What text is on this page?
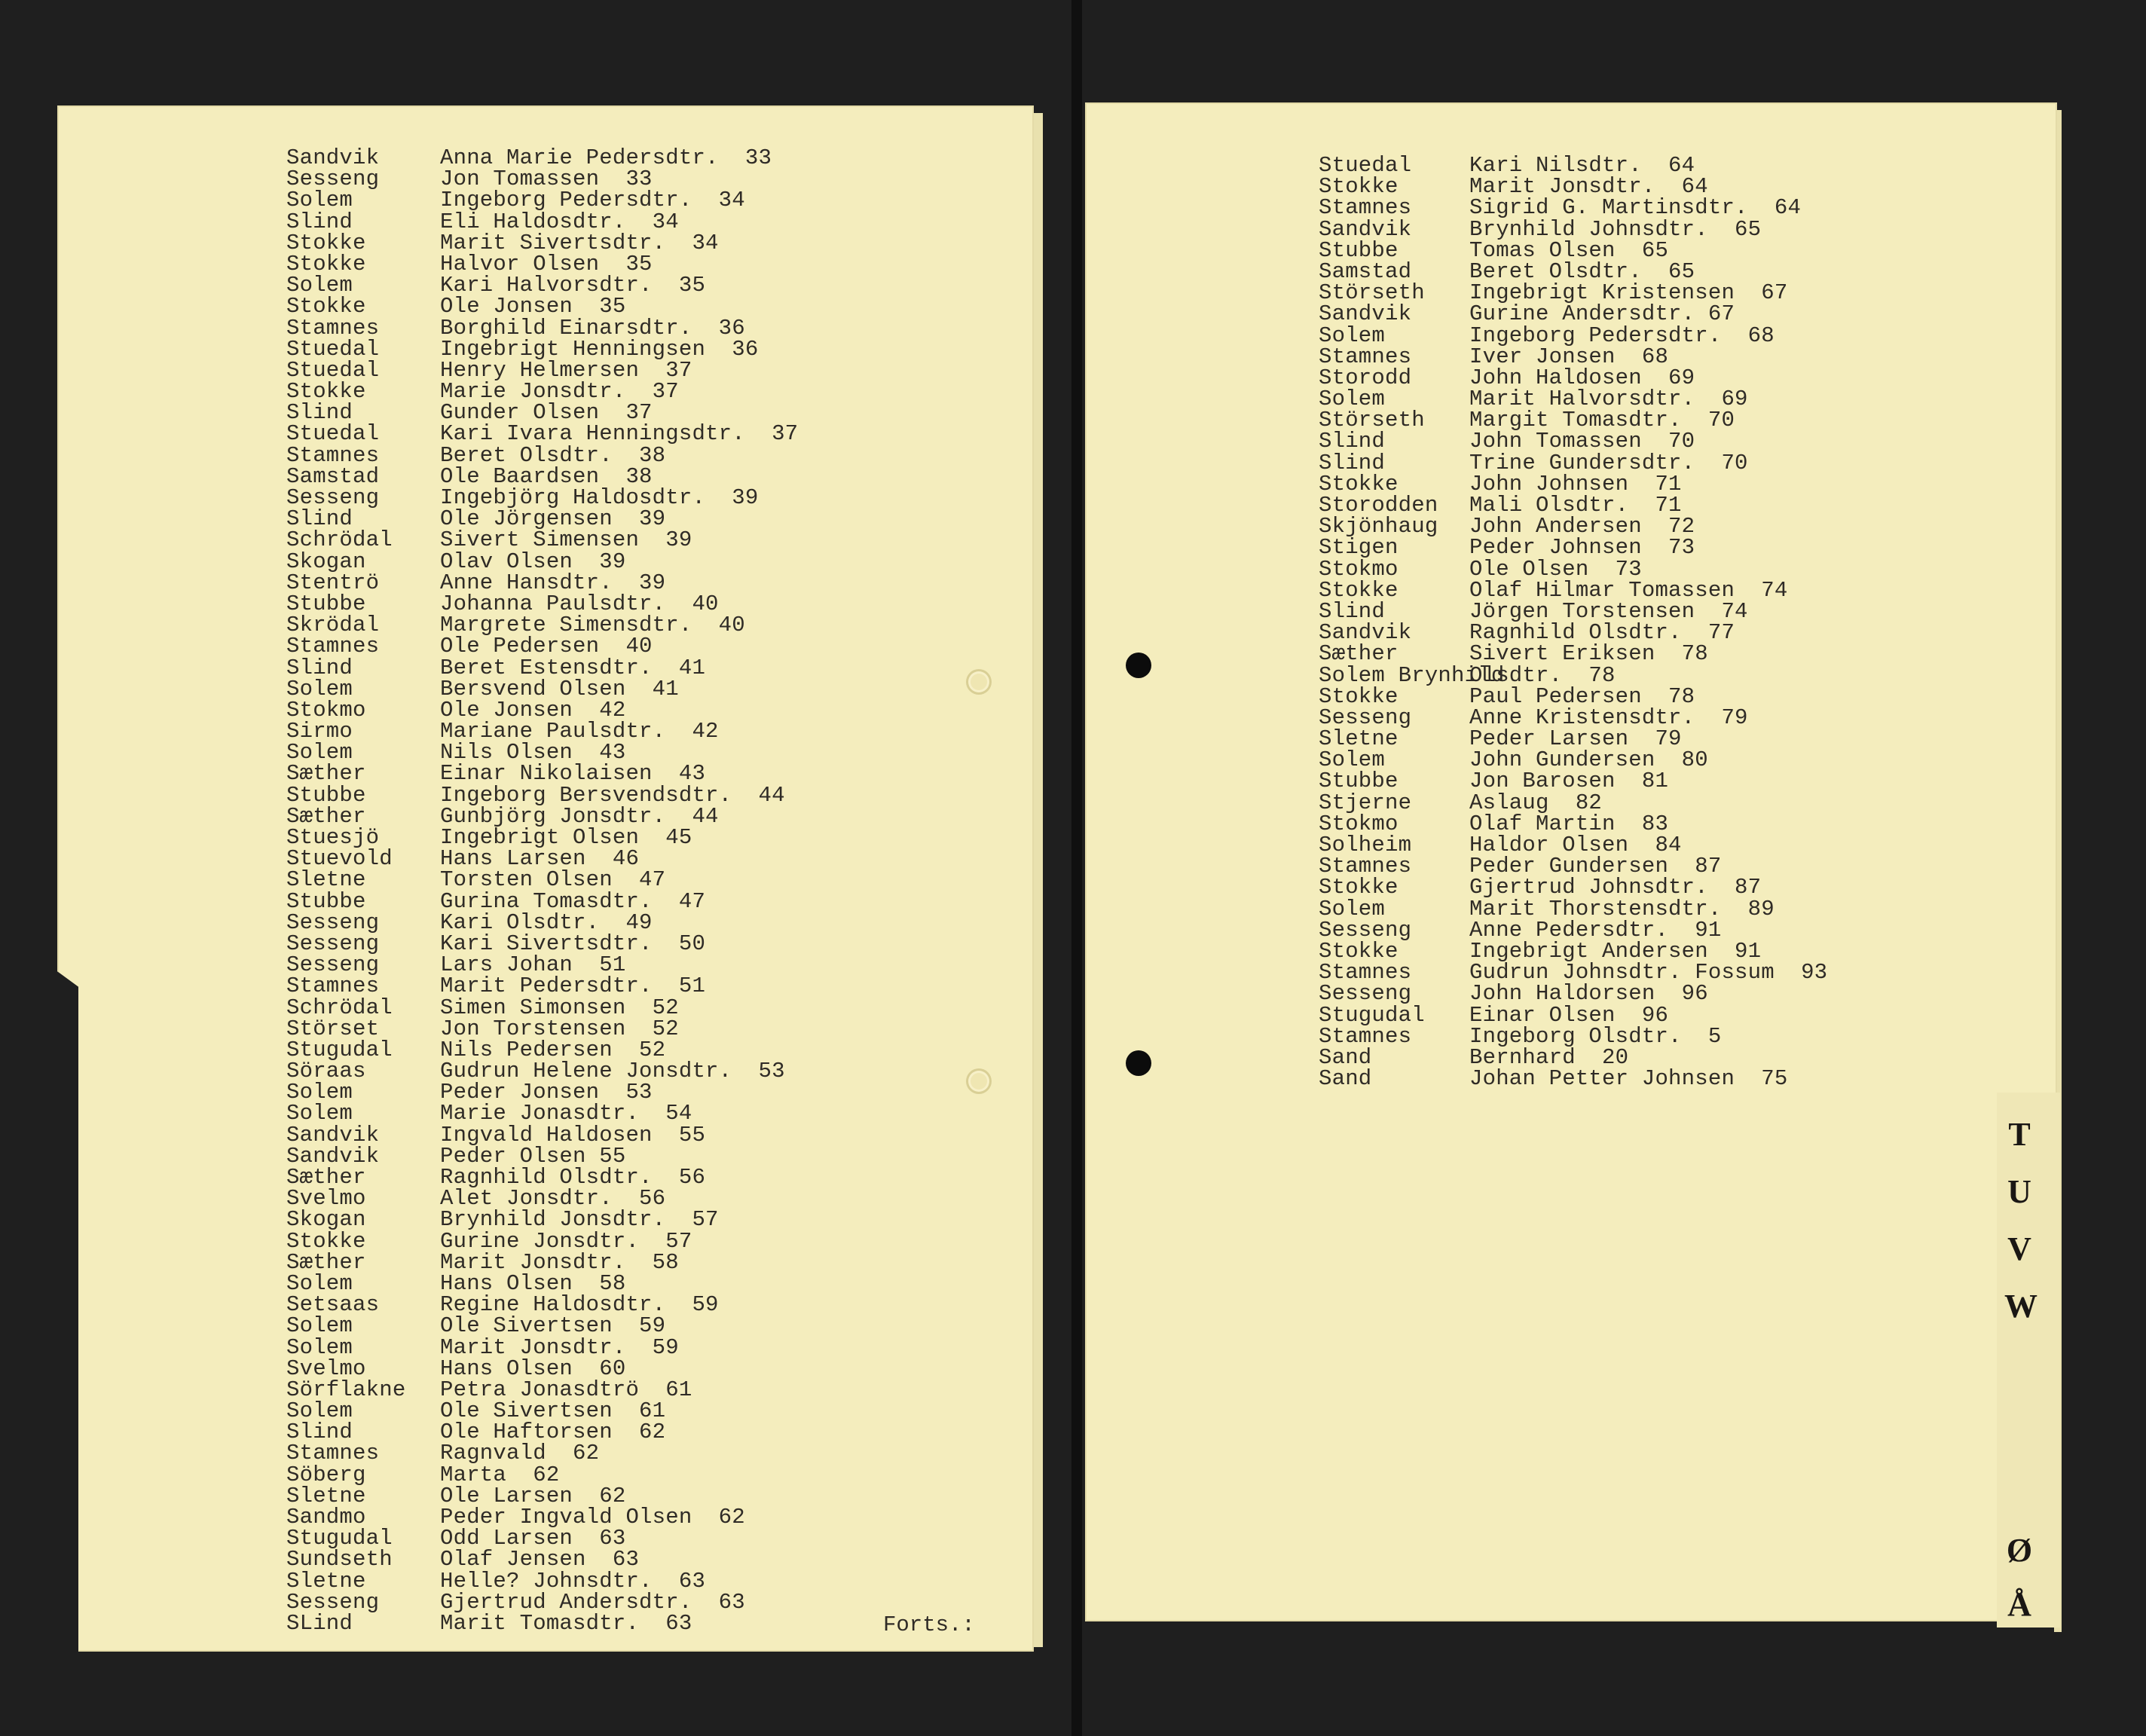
Sandvik
Sesseng
Solem
Slind
Stokke
Stokke
Solem
Stokke
Stamnes
Stuedal
Stuedal
Stokke
Slind
Stuedal
Stamnes
Samstad
Sesseng
Slind
Schrödal
Skogan
Stentrö
Stubbe
Skrödal
Stamnes
Slind
Solem
Stokmo
Sirmo
Solem
Sæther
Stubbe
Sæther
Stuesjö
Stuevold
Sletne
Stubbe
Sesseng
Sesseng
Sesseng
Stamnes
Schrödal
Störset
Stugudal
Söraas
Solem
Solem
Sandvik
Sandvik
Sæther
Svelmo
Skogan
Stokke
Sæther
Solem
Setsaas
Solem
Solem
Svelmo
Sörflakne
Solem
Slind
Stamnes
Söberg
Sletne
Sandmo
Stugudal
Sundseth
Sletne
Sesseng
SLind
Anna Marie Pedersdtr.  33
Jon Tomassen  33
Ingeborg Pedersdtr.  34
Eli Haldosdtr.  34
Marit Sivertsdtr.  34
Halvor Olsen  35
Kari Halvorsdtr.  35
Ole Jonsen  35
Borghild Einarsdtr.  36
Ingebrigt Henningsen  36
Henry Helmersen  37
Marie Jonsdtr.  37
Gunder Olsen  37
Kari Ivara Henningsdtr.  37
Beret Olsdtr.  38
Ole Baardsen  38
Ingebjörg Haldosdtr.  39
Ole Jörgensen  39
Sivert Simensen  39
Olav Olsen  39
Anne Hansdtr.  39
Johanna Paulsdtr.  40
Margrete Simensdtr.  40
Ole Pedersen  40
Beret Estensdtr.  41
Bersvend Olsen  41
Ole Jonsen  42
Mariane Paulsdtr.  42
Nils Olsen  43
Einar Nikolaisen  43
Ingeborg Bersvendsdtr.  44
Gunbjörg Jonsdtr.  44
Ingebrigt Olsen  45
Hans Larsen  46
Torsten Olsen  47
Gurina Tomasdtr.  47
Kari Olsdtr.  49
Kari Sivertsdtr.  50
Lars Johan  51
Marit Pedersdtr.  51
Simen Simonsen  52
Jon Torstensen  52
Nils Pedersen  52
Gudrun Helene Jonsdtr.  53
Peder Jonsen  53
Marie Jonasdtr.  54
Ingvald Haldosen  55
Peder Olsen 55
Ragnhild Olsdtr.  56
Alet Jonsdtr.  56
Brynhild Jonsdtr.  57
Gurine Jonsdtr.  57
Marit Jonsdtr.  58
Hans Olsen  58
Regine Haldosdtr.  59
Ole Sivertsen  59
Marit Jonsdtr.  59
Hans Olsen  60
Petra Jonasdtrö  61
Ole Sivertsen  61
Ole Haftorsen  62
Ragnvald  62
Marta  62
Ole Larsen  62
Peder Ingvald Olsen  62
Odd Larsen  63
Olaf Jensen  63
Helle? Johnsdtr.  63
Gjertrud Andersdtr.  63
Marit Tomasdtr.  63	Forts.:
Stuedal
Stokke
Stamnes
Sandvik
Stubbe
Samstad
Störseth
Sandvik
Solem
Stamnes
Storodd
Solem
Störseth
Slind
Slind
Stokke
Storodden
Skjönhaug
Stigen
Stokmo
Stokke
Slind
Sandvik
Sæther
Solem Brynhild
Stokke
Sesseng
Sletne
Solem
Stubbe
Stjerne
Stokmo
Solheim
Stamnes
Stokke
Solem
Sesseng
Stokke
Stamnes
Sesseng
Stugudal
Stamnes
Sand
Sand
Kari Nilsdtr.  64
Marit Jonsdtr.  64
Sigrid G. Martinsdtr.  64
Brynhild Johnsdtr.  65
Tomas Olsen  65
Beret Olsdtr.  65
Ingebrigt Kristensen  67
Gurine Andersdtr. 67
Ingeborg Pedersdtr.  68
Iver Jonsen  68
John Haldosen  69
Marit Halvorsdtr.  69
Margit Tomasdtr.  70
John Tomassen  70
Trine Gundersdtr.  70
John Johnsen  71
Mali Olsdtr.  71
John Andersen  72
Peder Johnsen  73
Ole Olsen  73
Olaf Hilmar Tomassen  74
Jörgen Torstensen  74
Ragnhild Olsdtr.  77
Sivert Eriksen  78
Olsdtr.  78
Paul Pedersen  78
Anne Kristensdtr.  79
Peder Larsen  79
John Gundersen  80
Jon Barosen  81
Aslaug  82
Olaf Martin  83
Haldor Olsen  84
Peder Gundersen  87
Gjertrud Johnsdtr.  87
Marit Thorstensdtr.  89
Anne Pedersdtr.  91
Ingebrigt Andersen  91
Gudrun Johnsdtr. Fossum  93
John Haldorsen  96
Einar Olsen  96
Ingeborg Olsdtr.  5
Bernhard  20
Johan Petter Johnsen  75
T
U
V
W
Ø
Å
